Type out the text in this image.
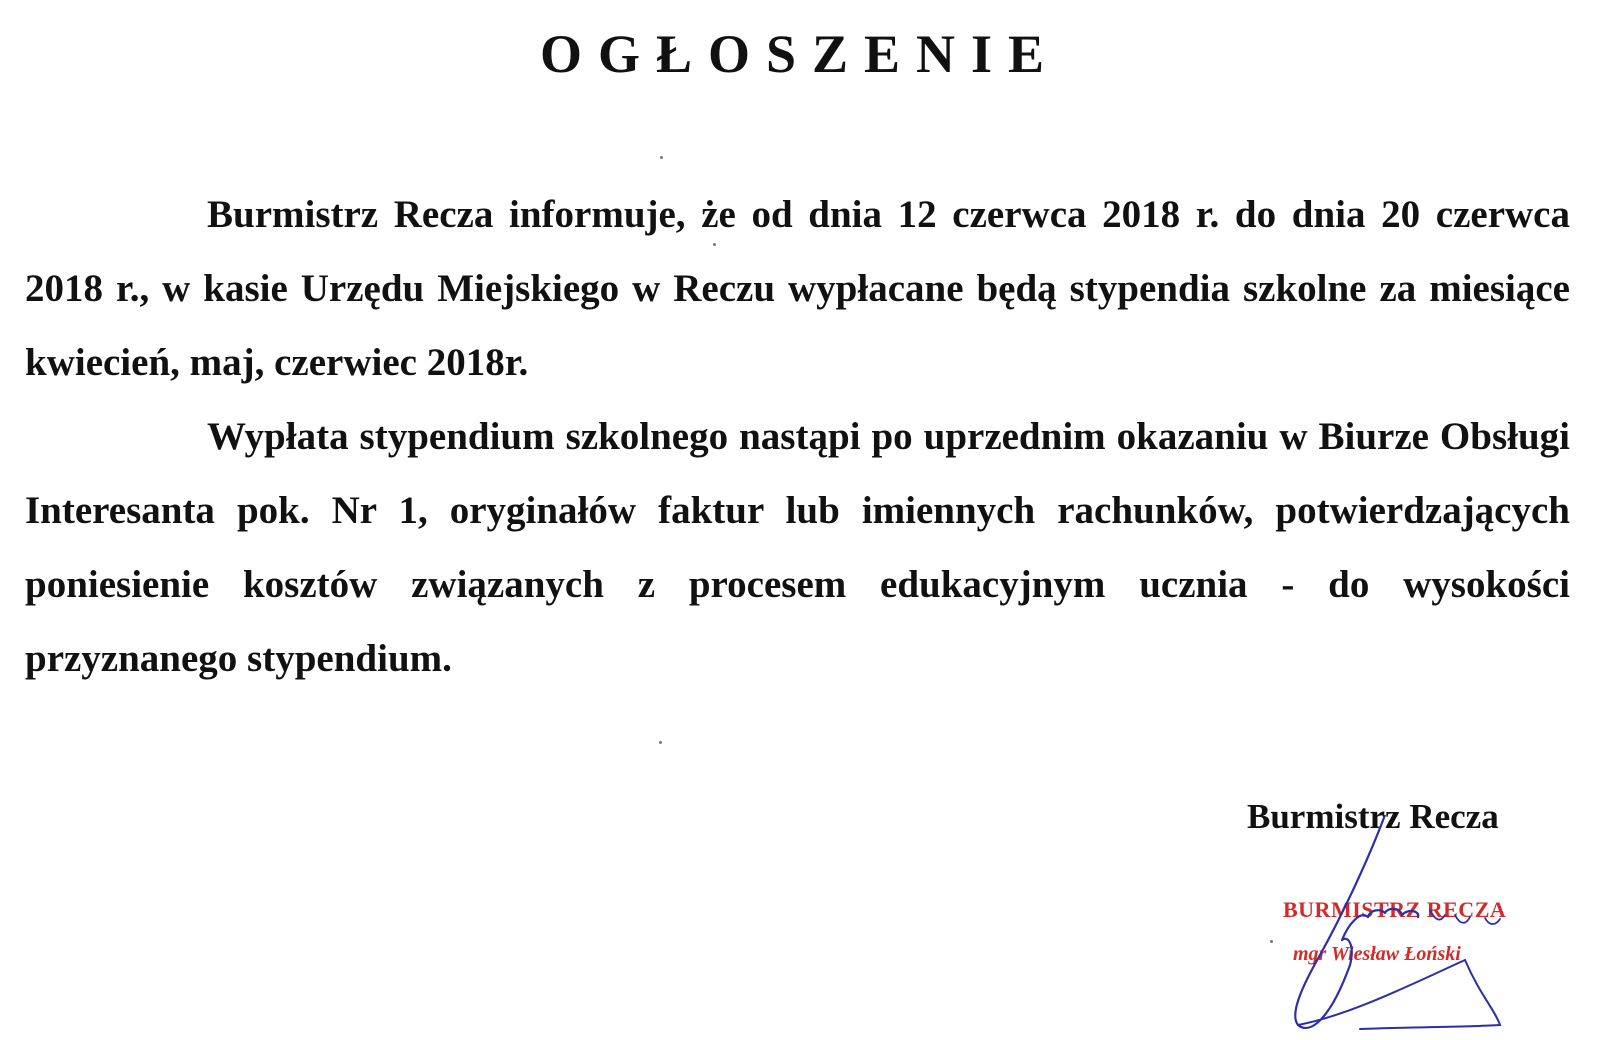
OGŁOSZENIE

Burmistrz Recza informuje, że od dnia 12 czerwca 2018 r. do dnia 20 czerwca 2018 r., w kasie Urzędu Miejskiego w Reczu wypłacane będą stypendia szkolne za miesiące kwiecień, maj, czerwiec 2018r.

Wypłata stypendium szkolnego nastąpi po uprzednim okazaniu w Biurze Obsługi Interesanta pok. Nr 1, oryginałów faktur lub imiennych rachunków, potwierdzających poniesienie kosztów związanych z procesem edukacyjnym ucznia - do wysokości przyznanego stypendium.

Burmistrz Recza
BURMISTRZ RECZA
mgr Wiesław Łoński
